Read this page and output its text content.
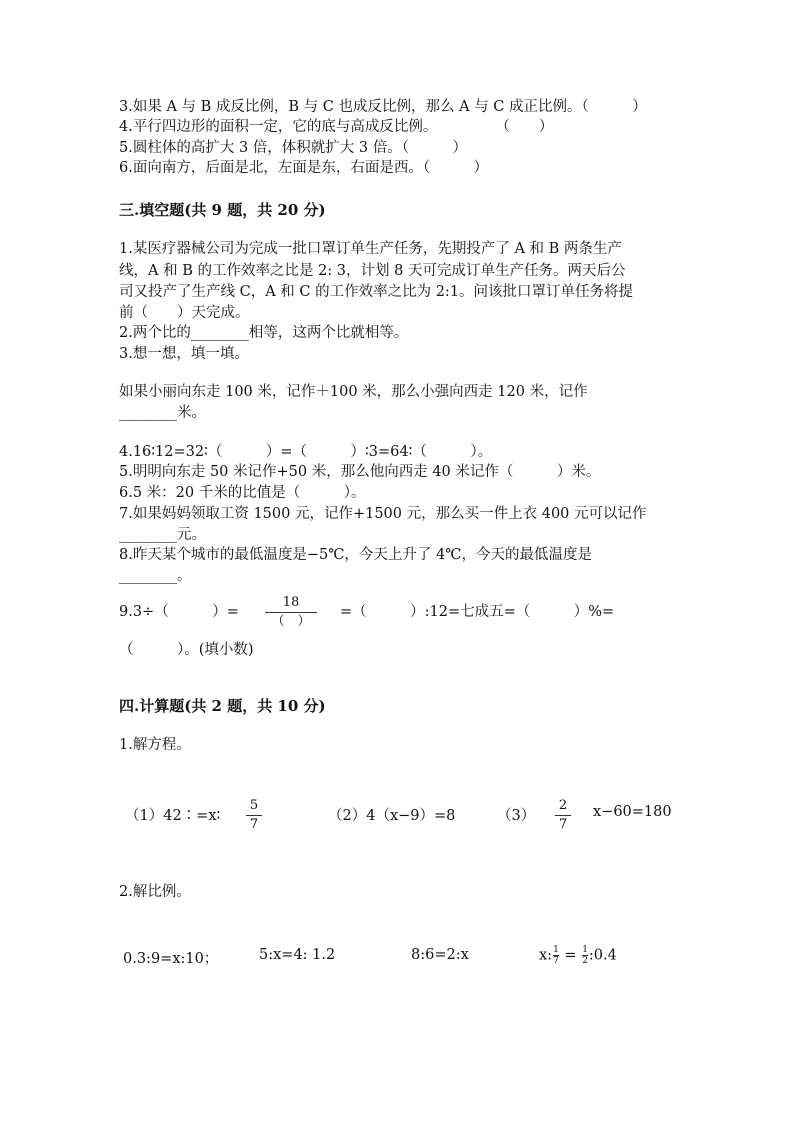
3.如果 A 与 B 成反比例，B 与 C 也成反比例，那么 A 与 C 成正比例。（　　　）
4.平行四边形的面积一定，它的底与高成反比例。　　　　　（　　）
5.圆柱体的高扩大 3 倍，体积就扩大 3 倍。（　　　）
6.面向南方，后面是北，左面是东，右面是西。（　　　）
三.填空题(共 9 题，共 20 分)
1.某医疗器械公司为完成一批口罩订单生产任务，先期投产了 A 和 B 两条生产
线，A 和 B 的工作效率之比是 2: 3，计划 8 天可完成订单生产任务。两天后公
司又投产了生产线 C，A 和 C 的工作效率之比为 2:1。问该批口罩订单任务将提
前（　　）天完成。
2.两个比的________相等，这两个比就相等。
3.想一想，填一填。
如果小丽向东走 100 米，记作＋100 米，那么小强向西走 120 米，记作
________米。
4.16∶12=32∶（　　　）=（　　　）∶3=64∶（　　　）。
5.明明向东走 50 米记作+50 米，那么他向西走 40 米记作（　　　）米。
6.5 米：20 千米的比值是（　　　）。
7.如果妈妈领取工资 1500 元，记作+1500 元，那么买一件上衣 400 元可以记作
________元。
8.昨天某个城市的最低温度是−5℃，今天上升了 4℃，今天的最低温度是
________。
9.3÷（　　　）=
18
（　）
=（　　　）:12=七成五=（　　　）%=
（　　　）。(填小数)
四.计算题(共 2 题，共 10 分)
1.解方程。
（1）42∶=x∶
5
7
（2）4（x−9）=8	（3）
2
7
x−60=180
2.解比例。
0.3:9=x:10；	5:x=4: 1.2	8:6=2:x	$x:\frac{1}{7}$ = $\frac{1}{2}:0.4$
